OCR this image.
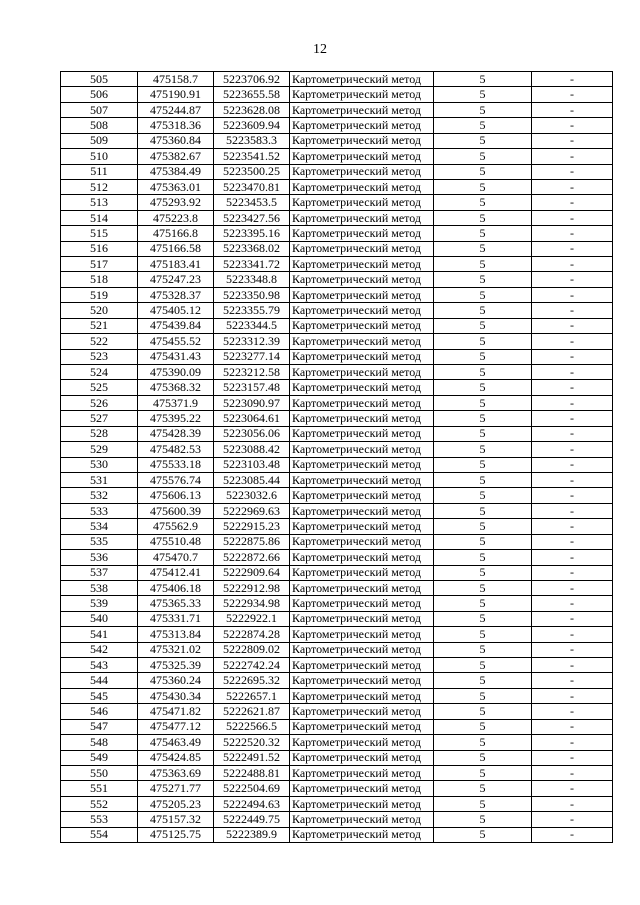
12
505	475158.7	5223706.92	Картометрический метод	5	-
506	475190.91	5223655.58	Картометрический метод	5	-
507	475244.87	5223628.08	Картометрический метод	5	-
508	475318.36	5223609.94	Картометрический метод	5	-
509	475360.84	5223583.3	Картометрический метод	5	-
510	475382.67	5223541.52	Картометрический метод	5	-
511	475384.49	5223500.25	Картометрический метод	5	-
512	475363.01	5223470.81	Картометрический метод	5	-
513	475293.92	5223453.5	Картометрический метод	5	-
514	475223.8	5223427.56	Картометрический метод	5	-
515	475166.8	5223395.16	Картометрический метод	5	-
516	475166.58	5223368.02	Картометрический метод	5	-
517	475183.41	5223341.72	Картометрический метод	5	-
518	475247.23	5223348.8	Картометрический метод	5	-
519	475328.37	5223350.98	Картометрический метод	5	-
520	475405.12	5223355.79	Картометрический метод	5	-
521	475439.84	5223344.5	Картометрический метод	5	-
522	475455.52	5223312.39	Картометрический метод	5	-
523	475431.43	5223277.14	Картометрический метод	5	-
524	475390.09	5223212.58	Картометрический метод	5	-
525	475368.32	5223157.48	Картометрический метод	5	-
526	475371.9	5223090.97	Картометрический метод	5	-
527	475395.22	5223064.61	Картометрический метод	5	-
528	475428.39	5223056.06	Картометрический метод	5	-
529	475482.53	5223088.42	Картометрический метод	5	-
530	475533.18	5223103.48	Картометрический метод	5	-
531	475576.74	5223085.44	Картометрический метод	5	-
532	475606.13	5223032.6	Картометрический метод	5	-
533	475600.39	5222969.63	Картометрический метод	5	-
534	475562.9	5222915.23	Картометрический метод	5	-
535	475510.48	5222875.86	Картометрический метод	5	-
536	475470.7	5222872.66	Картометрический метод	5	-
537	475412.41	5222909.64	Картометрический метод	5	-
538	475406.18	5222912.98	Картометрический метод	5	-
539	475365.33	5222934.98	Картометрический метод	5	-
540	475331.71	5222922.1	Картометрический метод	5	-
541	475313.84	5222874.28	Картометрический метод	5	-
542	475321.02	5222809.02	Картометрический метод	5	-
543	475325.39	5222742.24	Картометрический метод	5	-
544	475360.24	5222695.32	Картометрический метод	5	-
545	475430.34	5222657.1	Картометрический метод	5	-
546	475471.82	5222621.87	Картометрический метод	5	-
547	475477.12	5222566.5	Картометрический метод	5	-
548	475463.49	5222520.32	Картометрический метод	5	-
549	475424.85	5222491.52	Картометрический метод	5	-
550	475363.69	5222488.81	Картометрический метод	5	-
551	475271.77	5222504.69	Картометрический метод	5	-
552	475205.23	5222494.63	Картометрический метод	5	-
553	475157.32	5222449.75	Картометрический метод	5	-
554	475125.75	5222389.9	Картометрический метод	5	-
